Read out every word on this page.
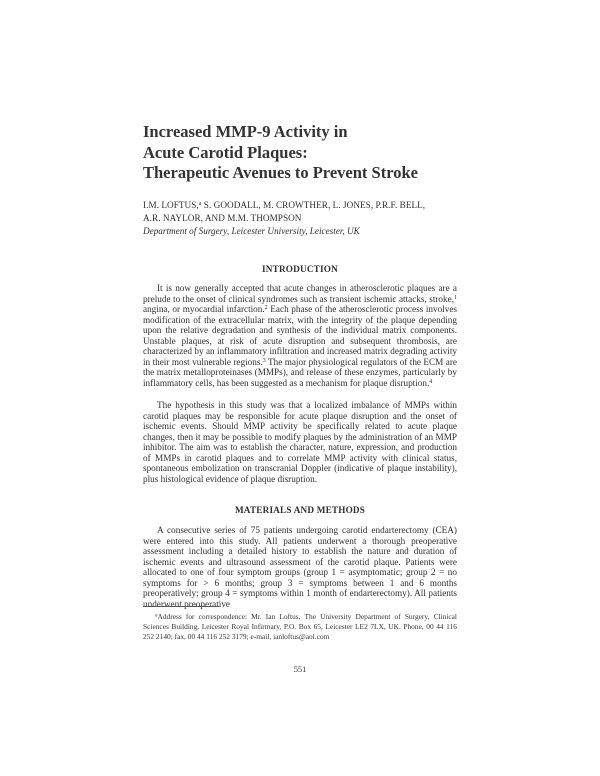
Increased MMP-9 Activity in
Acute Carotid Plaques:
Therapeutic Avenues to Prevent Stroke
I.M. LOFTUS,$^a$ S. GOODALL, M. CROWTHER, L. JONES, P.R.F. BELL,
A.R. NAYLOR, AND M.M. THOMPSON
Department of Surgery, Leicester University, Leicester, UK
INTRODUCTION
It is now generally accepted that acute changes in atherosclerotic plaques are a prelude to the onset of clinical syndromes such as transient ischemic attacks, stroke,$^1$ angina, or myocardial infarction.$^2$ Each phase of the atherosclerotic process involves modification of the extracellular matrix, with the integrity of the plaque depending upon the relative degradation and synthesis of the individual matrix components. Unstable plaques, at risk of acute disruption and subsequent thrombosis, are characterized by an inflammatory infiltration and increased matrix degrading activity in their most vulnerable regions.$^3$ The major physiological regulators of the ECM are the matrix metalloproteinases (MMPs), and release of these enzymes, particularly by inflammatory cells, has been suggested as a mechanism for plaque disruption.$^4$
The hypothesis in this study was that a localized imbalance of MMPs within carotid plaques may be responsible for acute plaque disruption and the onset of ischemic events. Should MMP activity be specifically related to acute plaque changes, then it may be possible to modify plaques by the administration of an MMP inhibitor. The aim was to establish the character, nature, expression, and production of MMPs in carotid plaques and to correlate MMP activity with clinical status, spontaneous embolization on transcranial Doppler (indicative of plaque instability), plus histological evidence of plaque disruption.
MATERIALS AND METHODS
A consecutive series of 75 patients undergoing carotid endarterectomy (CEA) were entered into this study. All patients underwent a thorough preoperative assessment including a detailed history to establish the nature and duration of ischemic events and ultrasound assessment of the carotid plaque. Patients were allocated to one of four symptom groups (group 1 = asymptomatic; group 2 = no symptoms for > 6 months; group 3 = symptoms between 1 and 6 months preoperatively; group 4 = symptoms within 1 month of endarterectomy). All patients underwent preoperative
$^a$Address for correspondence: Mr. Ian Loftus, The University Department of Surgery, Clinical Sciences Building, Leicester Royal Infirmary, P.O. Box 65, Leicester LE2 7LX, UK. Phone, 00 44 116 252 2140; fax, 00 44 116 252 3179; e-mail, ianloftus@aol.com
551
